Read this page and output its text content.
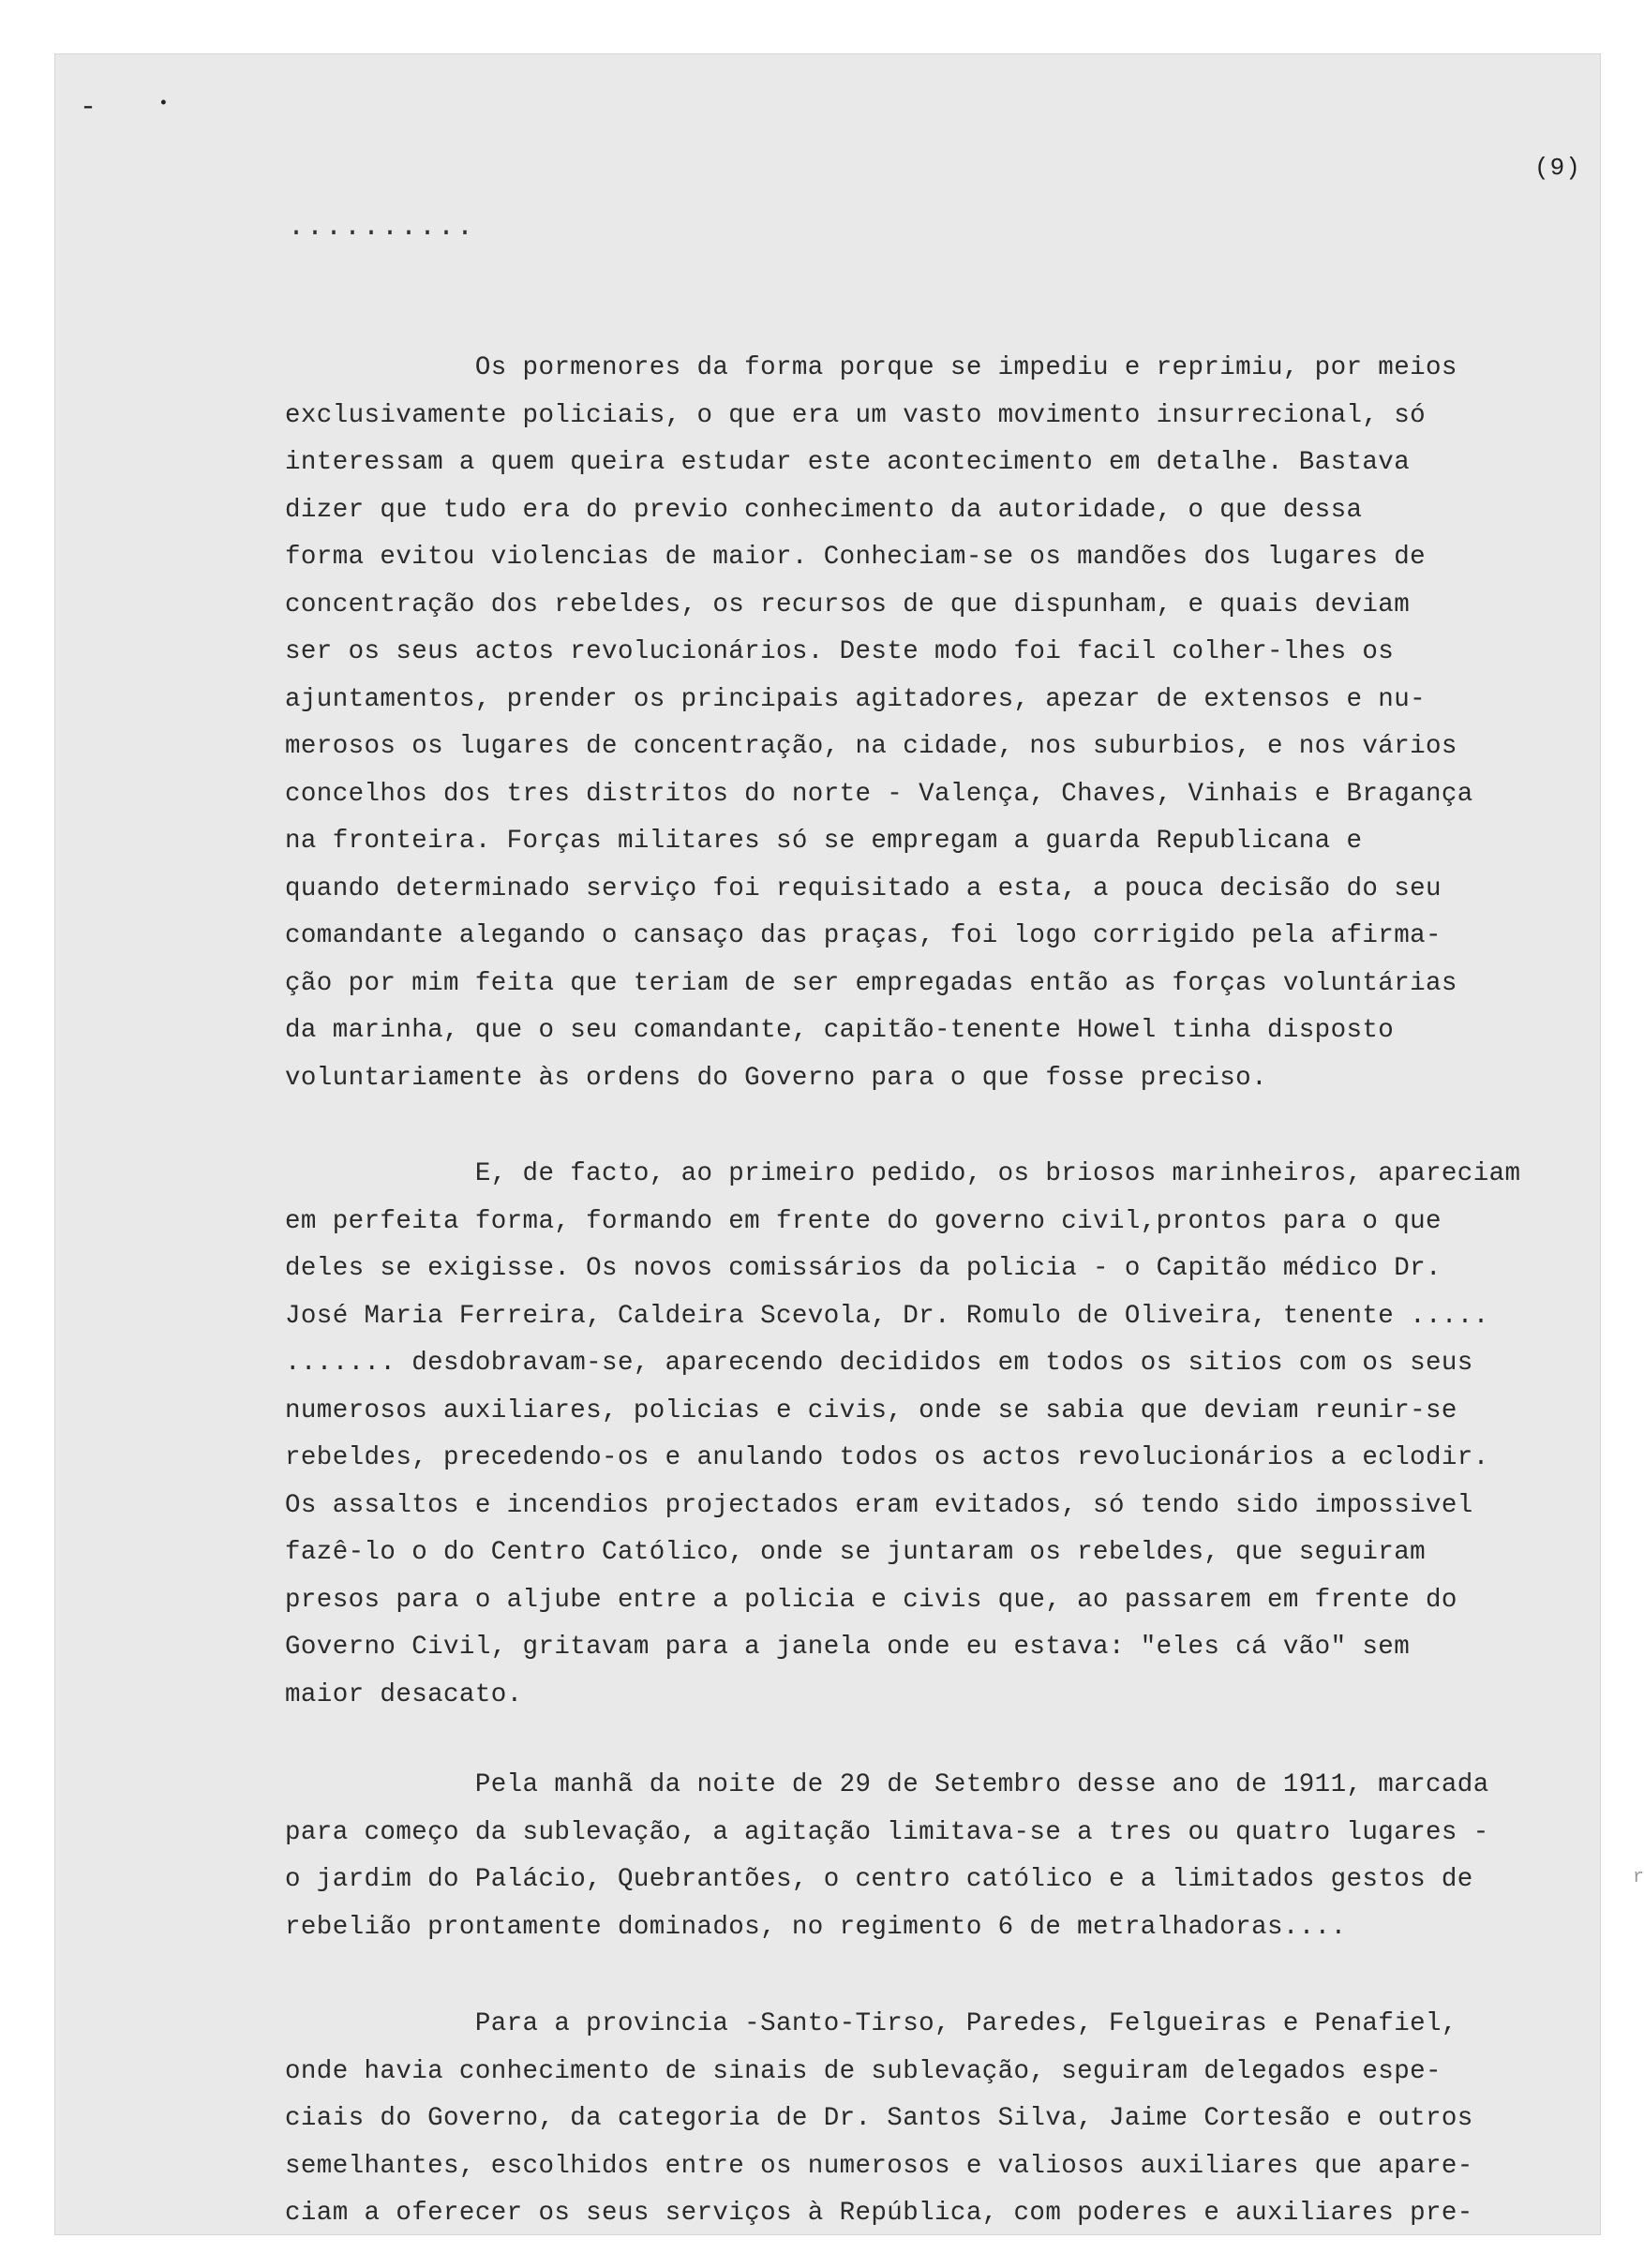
-	•
(9)
..........
Os pormenores da forma porque se impediu e reprimiu, por meios
exclusivamente policiais, o que era um vasto movimento insurrecional, só
interessam a quem queira estudar este acontecimento em detalhe. Bastava
dizer que tudo era do previo conhecimento da autoridade, o que dessa
forma evitou violencias de maior. Conheciam-se os mandões dos lugares de
concentração dos rebeldes, os recursos de que dispunham, e quais deviam
ser os seus actos revolucionários. Deste modo foi facil colher-lhes os
ajuntamentos, prender os principais agitadores, apezar de extensos e nu-
merosos os lugares de concentração, na cidade, nos suburbios, e nos vários
concelhos dos tres distritos do norte - Valença, Chaves, Vinhais e Bragança
na fronteira. Forças militares só se empregam a guarda Republicana e
quando determinado serviço foi requisitado a esta, a pouca decisão do seu
comandante alegando o cansaço das praças, foi logo corrigido pela afirma-
ção por mim feita que teriam de ser empregadas então as forças voluntárias
da marinha, que o seu comandante, capitão-tenente Howel tinha disposto
voluntariamente às ordens do Governo para o que fosse preciso.
E, de facto, ao primeiro pedido, os briosos marinheiros, apareciam
em perfeita forma, formando em frente do governo civil,prontos para o que
deles se exigisse. Os novos comissários da policia - o Capitão médico Dr.
José Maria Ferreira, Caldeira Scevola, Dr. Romulo de Oliveira, tenente .....
....... desdobravam-se, aparecendo decididos em todos os sitios com os seus
numerosos auxiliares, policias e civis, onde se sabia que deviam reunir-se
rebeldes, precedendo-os e anulando todos os actos revolucionários a eclodir.
Os assaltos e incendios projectados eram evitados, só tendo sido impossivel
fazê-lo o do Centro Católico, onde se juntaram os rebeldes, que seguiram
presos para o aljube entre a policia e civis que, ao passarem em frente do
Governo Civil, gritavam para a janela onde eu estava: "eles cá vão" sem
maior desacato.
Pela manhã da noite de 29 de Setembro desse ano de 1911, marcada
para começo da sublevação, a agitação limitava-se a tres ou quatro lugares -
o jardim do Palácio, Quebrantões, o centro católico e a limitados gestos de
rebelião prontamente dominados, no regimento 6 de metralhadoras....
Para a provincia -Santo-Tirso, Paredes, Felgueiras e Penafiel,
onde havia conhecimento de sinais de sublevação, seguiram delegados espe-
ciais do Governo, da categoria de Dr. Santos Silva, Jaime Cortesão e outros
semelhantes, escolhidos entre os numerosos e valiosos auxiliares que apare-
ciam a oferecer os seus serviços à República, com poderes e auxiliares pre-
r
